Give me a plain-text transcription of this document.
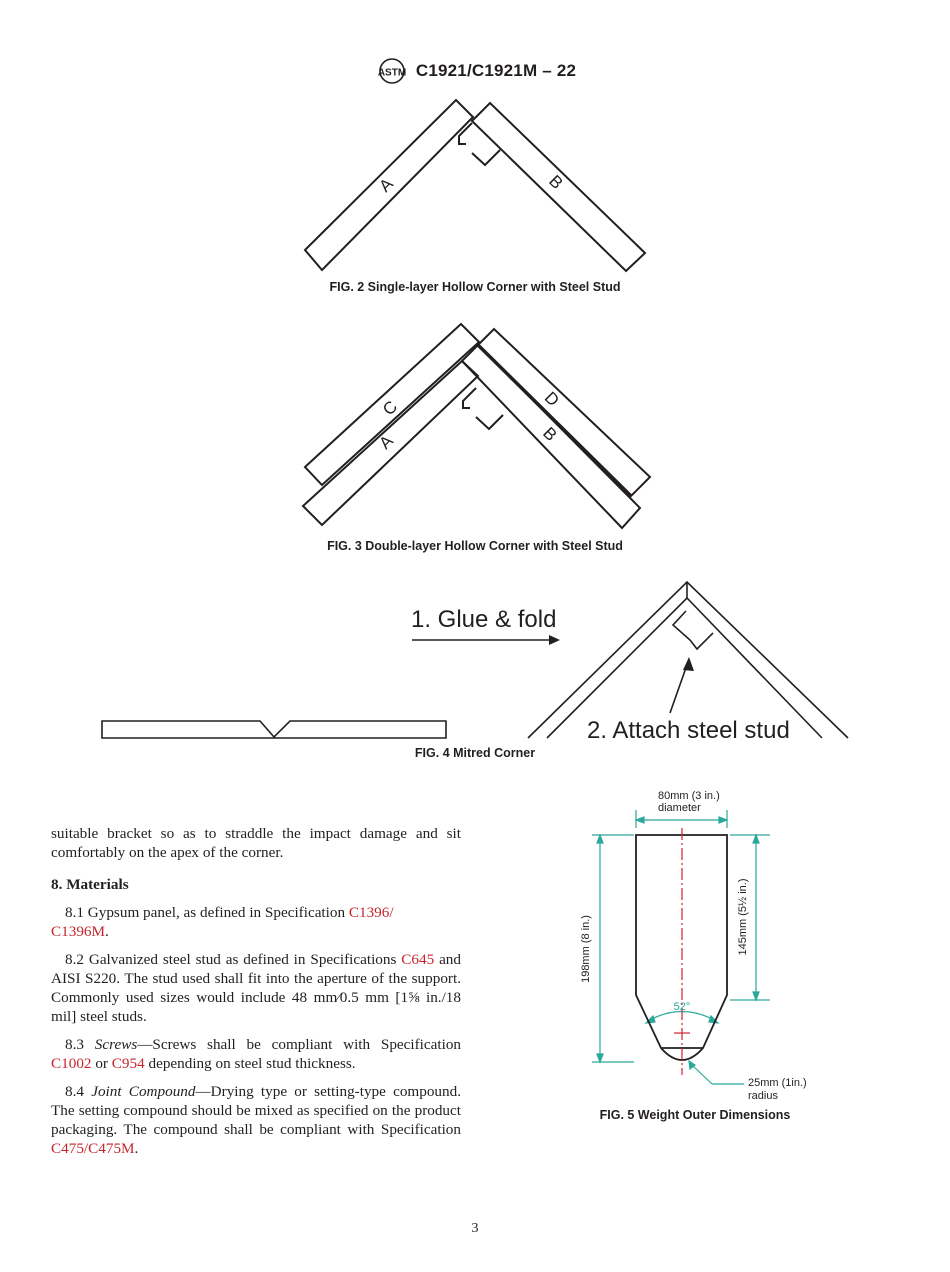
ASTM C1921/C1921M – 22
A	B
FIG. 2 Single-layer Hollow Corner with Steel Stud
C
A
D
B
FIG. 3 Double-layer Hollow Corner with Steel Stud
1. Glue & fold
2. Attach steel stud
FIG. 4 Mitred Corner
80mm (3 in.)
diameter
52°
198mm (8 in.)	145mm (5½ in.)
25mm (1in.)
radius
FIG. 5 Weight Outer Dimensions

suitable bracket so as to straddle the impact damage and sit comfortably on the apex of the corner.

8. Materials

8.1 Gypsum panel, as defined in Specification C1396/
C1396M.

8.2 Galvanized steel stud as defined in Specifications C645 and AISI S220. The stud used shall fit into the aperture of the support. Commonly used sizes would include 48 mm⁄0.5 mm [1⅝ in./18 mil] steel studs.

8.3 Screws—Screws shall be compliant with Specification C1002 or C954 depending on steel stud thickness.

8.4 Joint Compound—Drying type or setting-type compound. The setting compound should be mixed as specified on the product packaging. The compound shall be compliant with Specification C475/C475M.

3
